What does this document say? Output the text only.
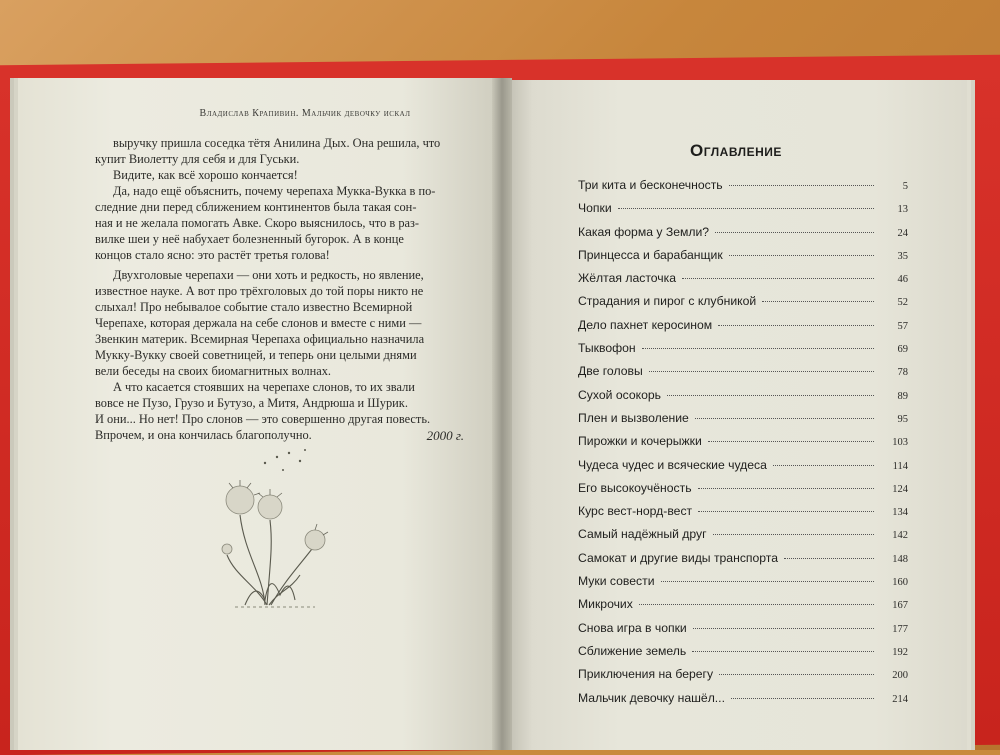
Владислав Крапивин. Мальчик девочку искал

выручку пришла соседка тётя Анилина Дых. Она решила, что
купит Виолетту для себя и для Гуськи.

Видите, как всё хорошо кончается!

Да, надо ещё объяснить, почему черепаха Мукка-Вукка в по-
следние дни перед сближением континентов была такая сон-
ная и не желала помогать Авке. Скоро выяснилось, что в раз-
вилке шеи у неё набухает болезненный бугорок. А в конце
концов стало ясно: это растёт третья голова!

Двухголовые черепахи — они хоть и редкость, но явление,
известное науке. А вот про трёхголовых до той поры никто не
слыхал! Про небывалое событие стало известно Всемирной
Черепахе, которая держала на себе слонов и вместе с ними —
Звенкин материк. Всемирная Черепаха официально назначила
Мукку-Вукку своей советницей, и теперь они целыми днями
вели беседы на своих биомагнитных волнах.

А что касается стоявших на черепахе слонов, то их звали
вовсе не Пузо, Грузо и Бутузо, а Митя, Андрюша и Шурик.
И они... Но нет! Про слонов — это совершенно другая повесть.
Впрочем, и она кончилась благополучно.	2000 г.
Оглавление
Три кита и бесконечность	5
Чопки	13
Какая форма у Земли?	24
Принцесса и барабанщик	35
Жёлтая ласточка	46
Страдания и пирог с клубникой	52
Дело пахнет керосином	57
Тыквофон	69
Две головы	78
Сухой осокорь	89
Плен и вызволение	95
Пирожки и кочерыжки	103
Чудеса чудес и всяческие чудеса	114
Его высокоучёность	124
Курс вест-норд-вест	134
Самый надёжный друг	142
Самокат и другие виды транспорта	148
Муки совести	160
Микрочих	167
Снова игра в чопки	177
Сближение земель	192
Приключения на берегу	200
Мальчик девочку нашёл...	214
